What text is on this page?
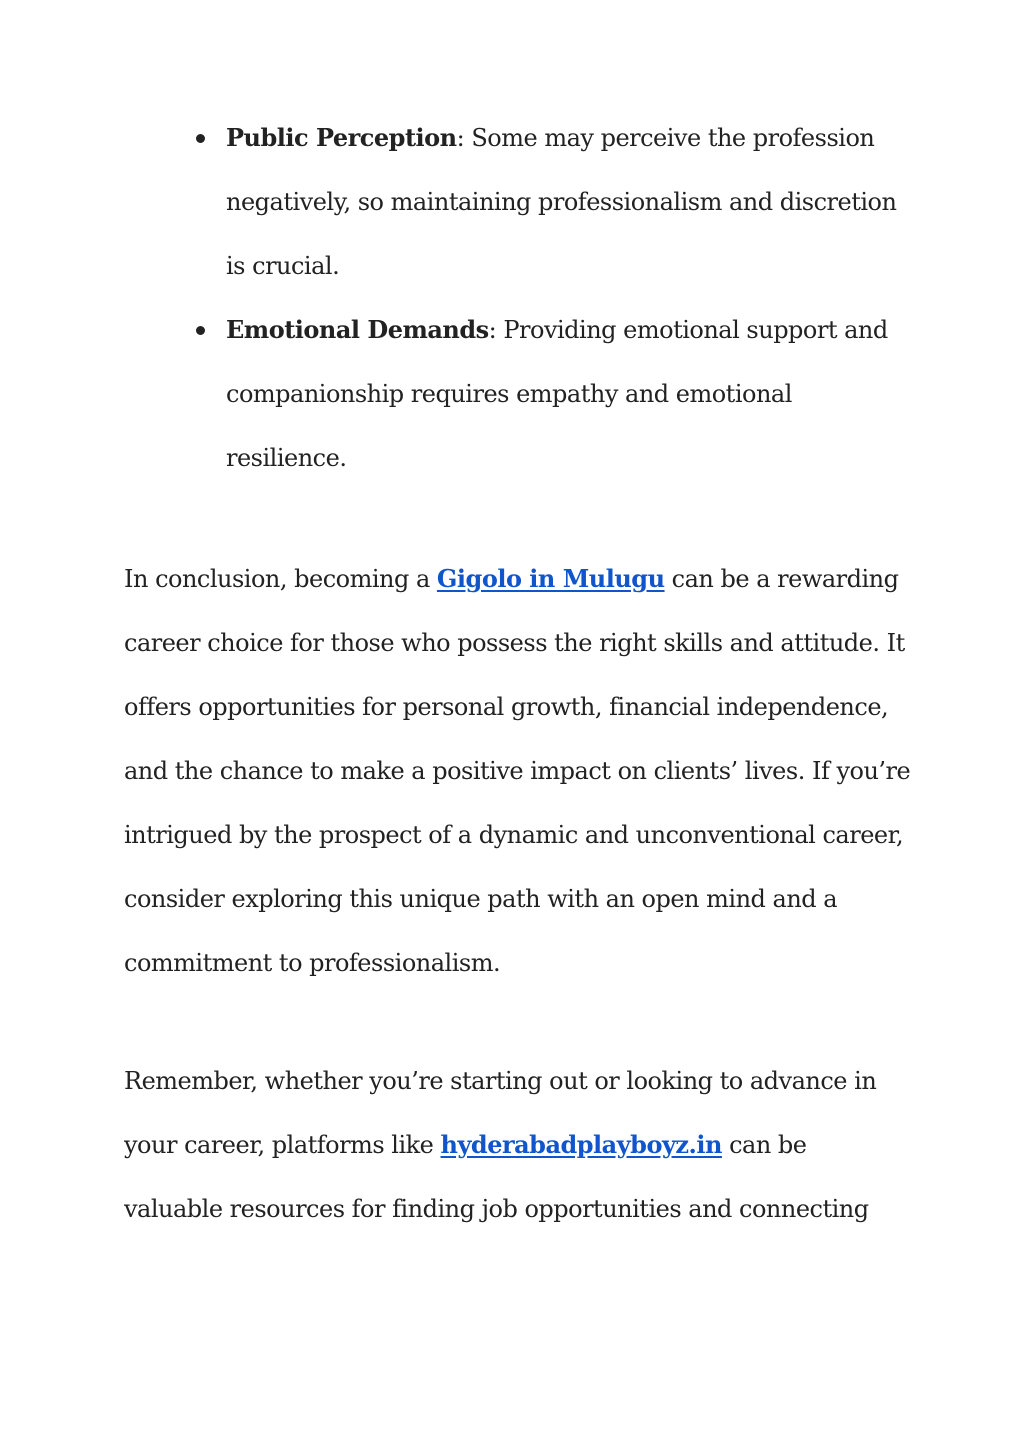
Public Perception: Some may perceive the profession
negatively, so maintaining professionalism and discretion
is crucial.
Emotional Demands: Providing emotional support and
companionship requires empathy and emotional
resilience.

In conclusion, becoming a Gigolo in Mulugu can be a rewarding
career choice for those who possess the right skills and attitude. It
offers opportunities for personal growth, financial independence,
and the chance to make a positive impact on clients’ lives. If you’re
intrigued by the prospect of a dynamic and unconventional career,
consider exploring this unique path with an open mind and a
commitment to professionalism.

Remember, whether you’re starting out or looking to advance in
your career, platforms like hyderabadplayboyz.in can be
valuable resources for finding job opportunities and connecting
